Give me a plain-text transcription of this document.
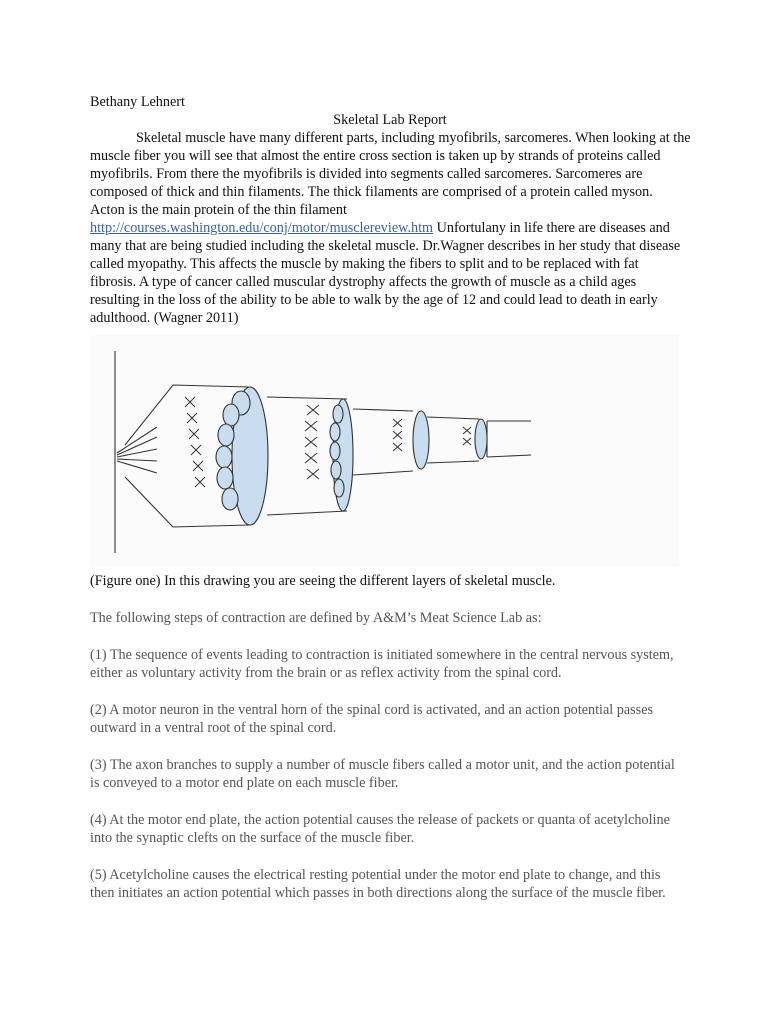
Bethany Lehnert
Skeletal Lab Report
Skeletal muscle have many different parts, including myofibrils, sarcomeres. When looking at the
muscle fiber you will see that almost the entire cross section is taken up by strands of proteins called
myofibrils. From there the myofibrils is divided into segments called sarcomeres. Sarcomeres are
composed of thick and thin filaments. The thick filaments are comprised of a protein called myson.
Acton is the main protein of the thin filament
http://courses.washington.edu/conj/motor/musclereview.htm Unfortulany in life there are diseases and
many that are being studied including the skeletal muscle. Dr.Wagner describes in her study that disease
called myopathy. This affects the muscle by making the fibers to split and to be replaced with fat
fibrosis. A type of cancer called muscular dystrophy affects the growth of muscle as a child ages
resulting in the loss of the ability to be able to walk by the age of 12 and could lead to death in early
adulthood. (Wagner 2011)
(Figure one) In this drawing you are seeing the different layers of skeletal muscle.
The following steps of contraction are defined by A&M’s Meat Science Lab as:
(1) The sequence of events leading to contraction is initiated somewhere in the central nervous system,
either as voluntary activity from the brain or as reflex activity from the spinal cord.
(2) A motor neuron in the ventral horn of the spinal cord is activated, and an action potential passes
outward in a ventral root of the spinal cord.
(3) The axon branches to supply a number of muscle fibers called a motor unit, and the action potential
is conveyed to a motor end plate on each muscle fiber.
(4) At the motor end plate, the action potential causes the release of packets or quanta of acetylcholine
into the synaptic clefts on the surface of the muscle fiber.
(5) Acetylcholine causes the electrical resting potential under the motor end plate to change, and this
then initiates an action potential which passes in both directions along the surface of the muscle fiber.
